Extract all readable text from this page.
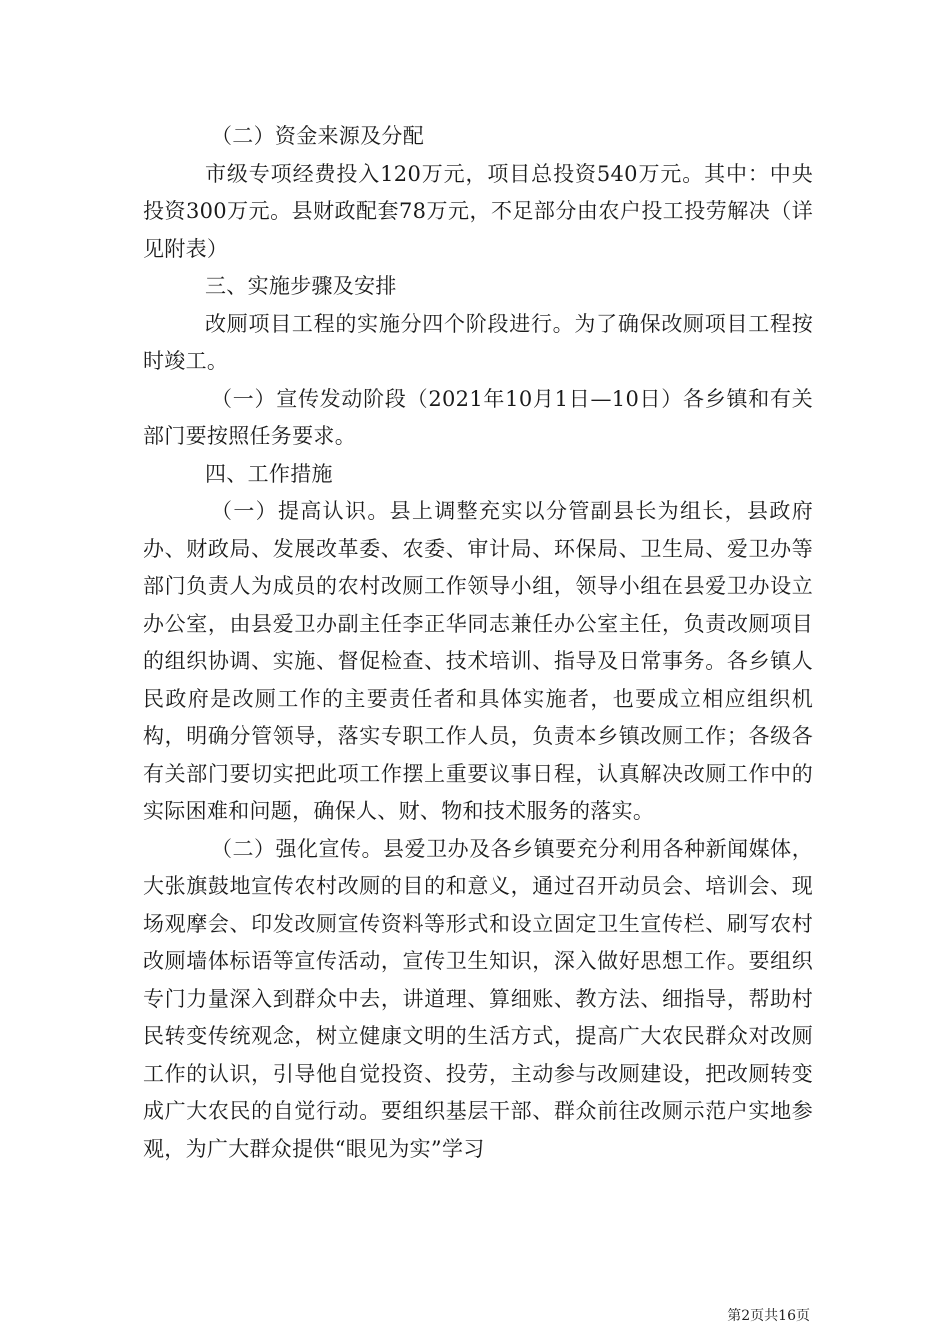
（二）资金来源及分配

市级专项经费投入120万元，项目总投资540万元。其中：中央投资300万元。县财政配套78万元，不足部分由农户投工投劳解决（详见附表）

三、实施步骤及安排

改厕项目工程的实施分四个阶段进行。为了确保改厕项目工程按时竣工。

（一）宣传发动阶段（2021年10月1日—10日）各乡镇和有关部门要按照任务要求。

四、工作措施

（一）提高认识。县上调整充实以分管副县长为组长，县政府办、财政局、发展改革委、农委、审计局、环保局、卫生局、爱卫办等部门负责人为成员的农村改厕工作领导小组，领导小组在县爱卫办设立办公室，由县爱卫办副主任李正华同志兼任办公室主任，负责改厕项目的组织协调、实施、督促检查、技术培训、指导及日常事务。各乡镇人民政府是改厕工作的主要责任者和具体实施者，也要成立相应组织机构，明确分管领导，落实专职工作人员，负责本乡镇改厕工作；各级各有关部门要切实把此项工作摆上重要议事日程，认真解决改厕工作中的实际困难和问题，确保人、财、物和技术服务的落实。

（二）强化宣传。县爱卫办及各乡镇要充分利用各种新闻媒体，大张旗鼓地宣传农村改厕的目的和意义，通过召开动员会、培训会、现场观摩会、印发改厕宣传资料等形式和设立固定卫生宣传栏、刷写农村改厕墙体标语等宣传活动，宣传卫生知识，深入做好思想工作。要组织专门力量深入到群众中去，讲道理、算细账、教方法、细指导，帮助村民转变传统观念，树立健康文明的生活方式，提高广大农民群众对改厕工作的认识，引导他自觉投资、投劳，主动参与改厕建设，把改厕转变成广大农民的自觉行动。要组织基层干部、群众前往改厕示范户实地参观，为广大群众提供“眼见为实”学习

第2页共16页
